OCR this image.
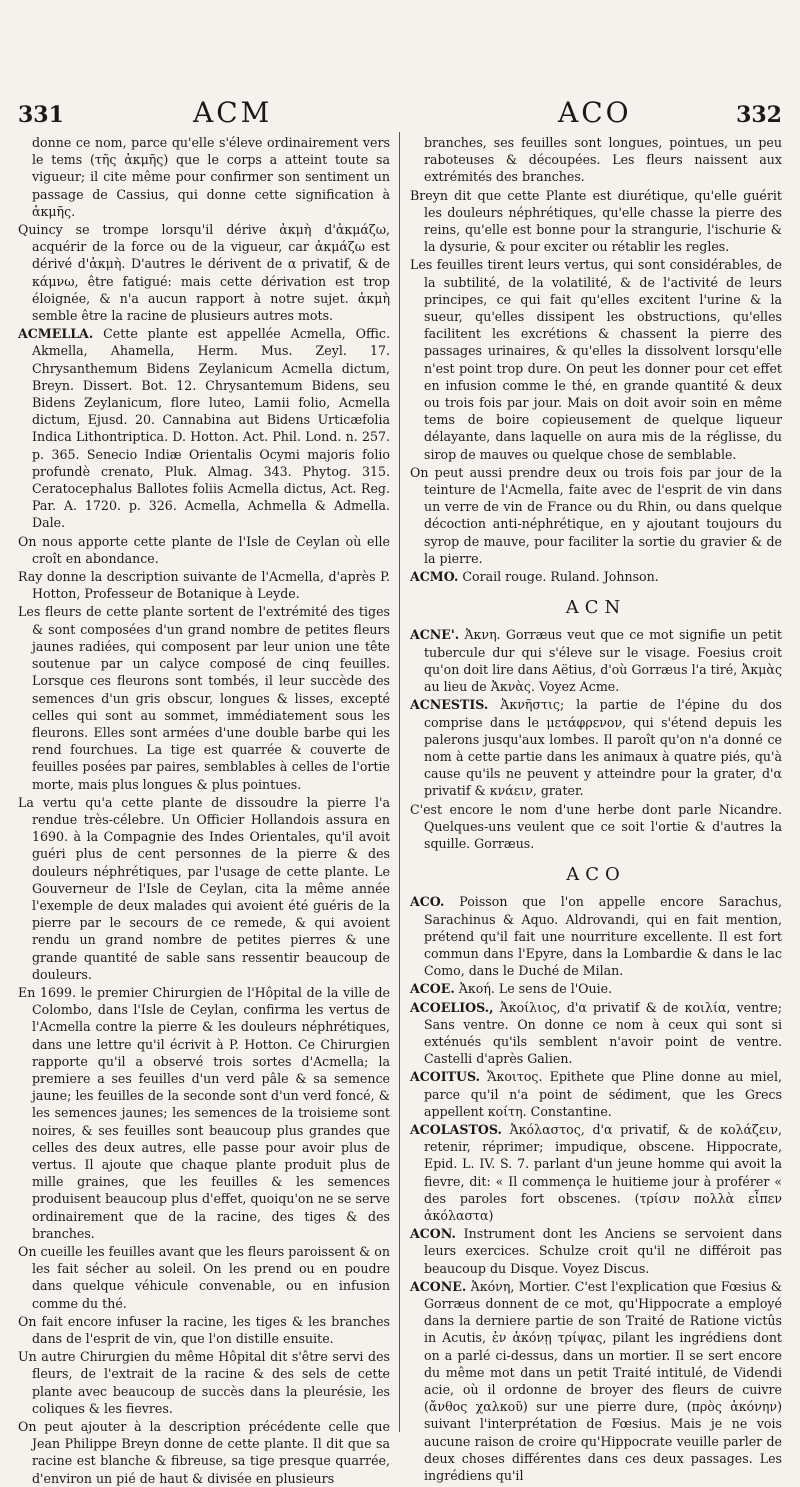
331	ACM	ACO	332

donne ce nom, parce qu'elle s'éleve ordinairement vers le tems (τῆς ἀκμῆς) que le corps a atteint toute sa vigueur; il cite même pour confirmer son sentiment un passage de Cassius, qui donne cette signification à ἀκμῆς.

Quincy se trompe lorsqu'il dérive ἀκμὴ d'ἀκμάζω, acquérir de la force ou de la vigueur, car ἀκμάζω est dérivé d'ἀκμὴ. D'autres le dérivent de α privatif, & de κάμνω, être fatigué: mais cette dérivation est trop éloignée, & n'a aucun rapport à notre sujet. ἀκμὴ semble être la racine de plusieurs autres mots.

ACMELLA. Cette plante est appellée Acmella, Offic. Akmella, Ahamella, Herm. Mus. Zeyl. 17. Chrysanthemum Bidens Zeylanicum Acmella dictum, Breyn. Dissert. Bot. 12. Chrysantemum Bidens, seu Bidens Zeylanicum, flore luteo, Lamii folio, Acmella dictum, Ejusd. 20. Cannabina aut Bidens Urticæfolia Indica Lithontriptica. D. Hotton. Act. Phil. Lond. n. 257. p. 365. Senecio Indiæ Orientalis Ocymi majoris folio profundè crenato, Pluk. Almag. 343. Phytog. 315. Ceratocephalus Ballotes foliis Acmella dictus, Act. Reg. Par. A. 1720. p. 326. Acmella, Achmella & Admella. Dale.

On nous apporte cette plante de l'Isle de Ceylan où elle croît en abondance.

Ray donne la description suivante de l'Acmella, d'après P. Hotton, Professeur de Botanique à Leyde.

Les fleurs de cette plante sortent de l'extrémité des tiges & sont composées d'un grand nombre de petites fleurs jaunes radiées, qui composent par leur union une tête soutenue par un calyce composé de cinq feuilles. Lorsque ces fleurons sont tombés, il leur succède des semences d'un gris obscur, longues & lisses, excepté celles qui sont au sommet, immédiatement sous les fleurons. Elles sont armées d'une double barbe qui les rend fourchues. La tige est quarrée & couverte de feuilles posées par paires, semblables à celles de l'ortie morte, mais plus longues & plus pointues.

La vertu qu'a cette plante de dissoudre la pierre l'a rendue très-célebre. Un Officier Hollandois assura en 1690. à la Compagnie des Indes Orientales, qu'il avoit guéri plus de cent personnes de la pierre & des douleurs néphrétiques, par l'usage de cette plante. Le Gouverneur de l'Isle de Ceylan, cita la même année l'exemple de deux malades qui avoient été guéris de la pierre par le secours de ce remede, & qui avoient rendu un grand nombre de petites pierres & une grande quantité de sable sans ressentir beaucoup de douleurs.

En 1699. le premier Chirurgien de l'Hôpital de la ville de Colombo, dans l'Isle de Ceylan, confirma les vertus de l'Acmella contre la pierre & les douleurs néphrétiques, dans une lettre qu'il écrivit à P. Hotton. Ce Chirurgien rapporte qu'il a observé trois sortes d'Acmella; la premiere a ses feuilles d'un verd pâle & sa semence jaune; les feuilles de la seconde sont d'un verd foncé, & les semences jaunes; les semences de la troisieme sont noires, & ses feuilles sont beaucoup plus grandes que celles des deux autres, elle passe pour avoir plus de vertus. Il ajoute que chaque plante produit plus de mille graines, que les feuilles & les semences produisent beaucoup plus d'effet, quoiqu'on ne se serve ordinairement que de la racine, des tiges & des branches.

On cueille les feuilles avant que les fleurs paroissent & on les fait sécher au soleil. On les prend ou en poudre dans quelque véhicule convenable, ou en infusion comme du thé.

On fait encore infuser la racine, les tiges & les branches dans de l'esprit de vin, que l'on distille ensuite.

Un autre Chirurgien du même Hôpital dit s'être servi des fleurs, de l'extrait de la racine & des sels de cette plante avec beaucoup de succès dans la pleurésie, les coliques & les fievres.

On peut ajouter à la description précédente celle que Jean Philippe Breyn donne de cette plante. Il dit que sa racine est blanche & fibreuse, sa tige presque quarrée, d'environ un pié de haut & divisée en plusieurs

branches, ses feuilles sont longues, pointues, un peu raboteuses & découpées. Les fleurs naissent aux extrémités des branches.

Breyn dit que cette Plante est diurétique, qu'elle guérit les douleurs néphrétiques, qu'elle chasse la pierre des reins, qu'elle est bonne pour la strangurie, l'ischurie & la dysurie, & pour exciter ou rétablir les regles.

Les feuilles tirent leurs vertus, qui sont considérables, de la subtilité, de la volatilité, & de l'activité de leurs principes, ce qui fait qu'elles excitent l'urine & la sueur, qu'elles dissipent les obstructions, qu'elles facilitent les excrétions & chassent la pierre des passages urinaires, & qu'elles la dissolvent lorsqu'elle n'est point trop dure. On peut les donner pour cet effet en infusion comme le thé, en grande quantité & deux ou trois fois par jour. Mais on doit avoir soin en même tems de boire copieusement de quelque liqueur délayante, dans laquelle on aura mis de la réglisse, du sirop de mauves ou quelque chose de semblable.

On peut aussi prendre deux ou trois fois par jour de la teinture de l'Acmella, faite avec de l'esprit de vin dans un verre de vin de France ou du Rhin, ou dans quelque décoction anti-néphrétique, en y ajoutant toujours du syrop de mauve, pour faciliter la sortie du gravier & de la pierre.

ACMO. Corail rouge. Ruland. Johnson.

ACN

ACNE'. Ἀκνη. Gorræus veut que ce mot signifie un petit tubercule dur qui s'éleve sur le visage. Foesius croit qu'on doit lire dans Aëtius, d'où Gorræus l'a tiré, Ἀκμὰς au lieu de Ἀκνὰς. Voyez Acme.

ACNESTIS. Ἀκνῆστις; la partie de l'épine du dos comprise dans le μετάφρενον, qui s'étend depuis les palerons jusqu'aux lombes. Il paroît qu'on n'a donné ce nom à cette partie dans les animaux à quatre piés, qu'à cause qu'ils ne peuvent y atteindre pour la grater, d'α privatif & κνάειν, grater.

C'est encore le nom d'une herbe dont parle Nicandre. Quelques-uns veulent que ce soit l'ortie & d'autres la squille. Gorræus.

ACO

ACO. Poisson que l'on appelle encore Sarachus, Sarachinus & Aquo. Aldrovandi, qui en fait mention, prétend qu'il fait une nourriture excellente. Il est fort commun dans l'Epyre, dans la Lombardie & dans le lac Como, dans le Duché de Milan.

ACOE. Ἀκοή. Le sens de l'Ouie.

ACOELIOS., Ἀκοίλιος, d'α privatif & de κοιλία, ventre; Sans ventre. On donne ce nom à ceux qui sont si exténués qu'ils semblent n'avoir point de ventre. Castelli d'après Galien.

ACOITUS. Ἄκοιτος. Epithete que Pline donne au miel, parce qu'il n'a point de sédiment, que les Grecs appellent κοίτη. Constantine.

ACOLASTOS. Ἀκόλαστος, d'α privatif, & de κολάζειν, retenir, réprimer; impudique, obscene. Hippocrate, Epid. L. IV. S. 7. parlant d'un jeune homme qui avoit la fievre, dit: « Il commença le huitieme jour à proférer « des paroles fort obscenes. (τρίσιν πολλὰ εἶπεν ἀκόλαστα)

ACON. Instrument dont les Anciens se servoient dans leurs exercices. Schulze croit qu'il ne différoit pas beaucoup du Disque. Voyez Discus.

ACONE. Ἀκόνη, Mortier. C'est l'explication que Fœsius & Gorræus donnent de ce mot, qu'Hippocrate a employé dans la derniere partie de son Traité de Ratione victûs in Acutis, ἐν ἀκόνῃ τρίψας, pilant les ingrédiens dont on a parlé ci-dessus, dans un mortier. Il se sert encore du même mot dans un petit Traité intitulé, de Videndi acie, où il ordonne de broyer des fleurs de cuivre (ἄνθος χαλκοῦ) sur une pierre dure, (πρὸς ἀκόνην) suivant l'interprétation de Fœsius. Mais je ne vois aucune raison de croire qu'Hippocrate veuille parler de deux choses différentes dans ces deux passages. Les ingrédiens qu'il
